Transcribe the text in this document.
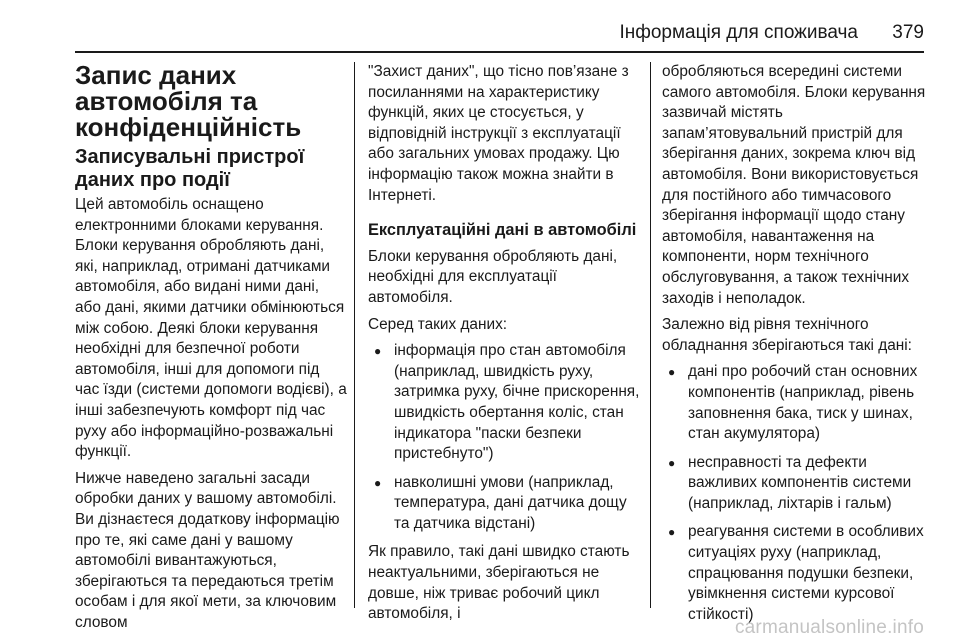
Інформація для споживача 379
Запис даних автомобіля та конфіденційність
Записувальні пристрої даних про події

Цей автомобіль оснащено електронними блоками керування. Блоки керування обробляють дані, які, наприклад, отримані датчиками автомобіля, або видані ними дані, або дані, якими датчики обмінюються між собою. Деякі блоки керування необхідні для безпечної роботи автомобіля, інші для допомоги під час їзди (системи допомоги водієві), а інші забезпечують комфорт під час руху або інформаційно-розважальні функції.

Нижче наведено загальні засади обробки даних у вашому автомобілі. Ви дізнаєтеся додаткову інформацію про те, які саме дані у вашому автомобілі вивантажуються, зберігаються та передаються третім особам і для якої мети, за ключовим словом

"Захист даних", що тісно пов’язане з посиланнями на характеристику функцій, яких це стосується, у відповідній інструкції з експлуатації або загальних умовах продажу. Цю інформацію також можна знайти в Інтернеті.

Експлуатаційні дані в автомобілі

Блоки керування обробляють дані, необхідні для експлуатації автомобіля.

Серед таких даних:

● інформація про стан автомобіля (наприклад, швидкість руху, затримка руху, бічне прискорення, швидкість обертання коліс, стан індикатора "паски безпеки пристебнуто")
● навколишні умови (наприклад, температура, дані датчика дощу та датчика відстані)

Як правило, такі дані швидко стають неактуальними, зберігаються не довше, ніж триває робочий цикл автомобіля, і

обробляються всередині системи самого автомобіля. Блоки керування зазвичай містять запам’ятовувальний пристрій для зберігання даних, зокрема ключ від автомобіля. Вони використовується для постійного або тимчасового зберігання інформації щодо стану автомобіля, навантаження на компоненти, норм технічного обслуговування, а також технічних заходів і неполадок.

Залежно від рівня технічного обладнання зберігаються такі дані:

● дані про робочий стан основних компонентів (наприклад, рівень заповнення бака, тиск у шинах, стан акумулятора)
● несправності та дефекти важливих компонентів системи (наприклад, ліхтарів і гальм)
● реагування системи в особливих ситуаціях руху (наприклад, спрацювання подушки безпеки, увімкнення системи курсової стійкості)
carmanualsonline.info
